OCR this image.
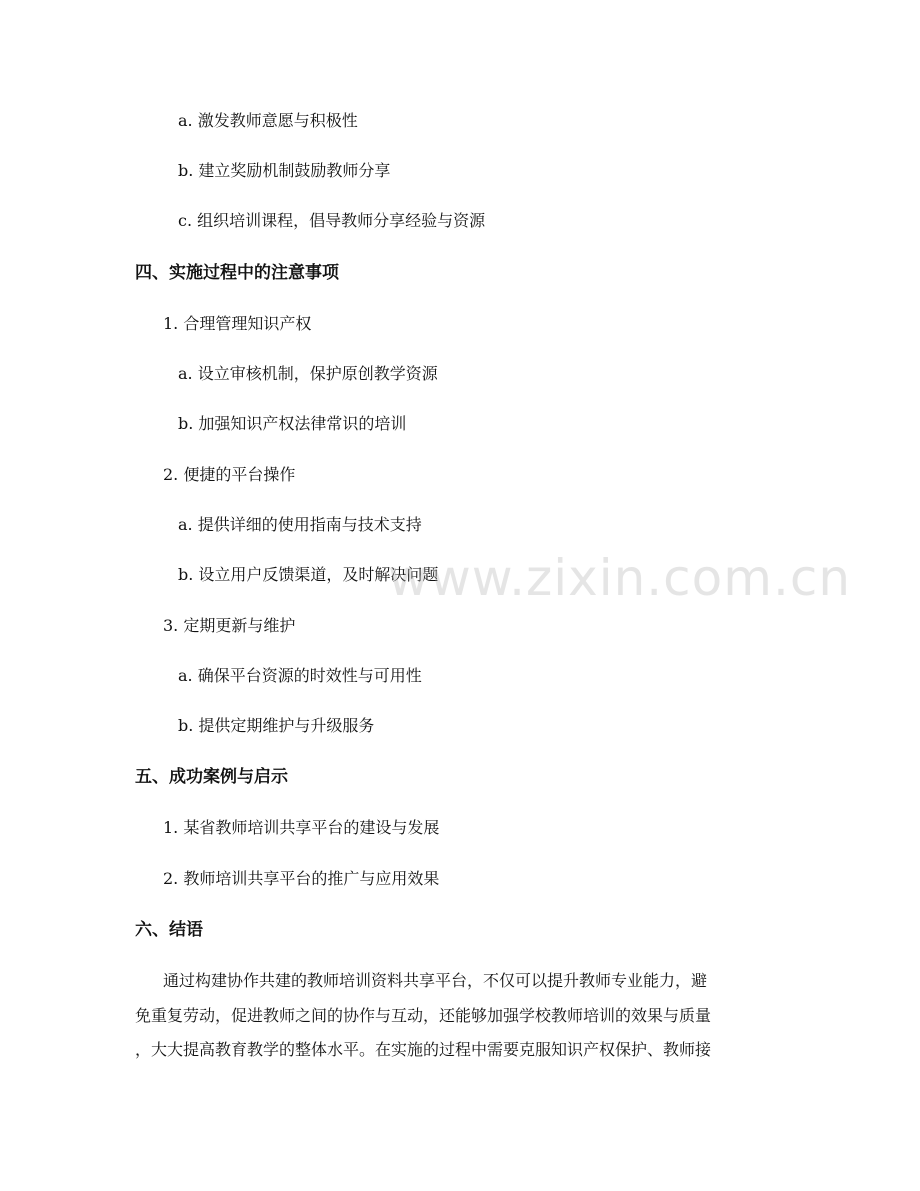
a. 激发教师意愿与积极性
b. 建立奖励机制鼓励教师分享
c. 组织培训课程，倡导教师分享经验与资源
四、实施过程中的注意事项
1. 合理管理知识产权
a. 设立审核机制，保护原创教学资源
b. 加强知识产权法律常识的培训
2. 便捷的平台操作
a. 提供详细的使用指南与技术支持
b. 设立用户反馈渠道，及时解决问题
3. 定期更新与维护
a. 确保平台资源的时效性与可用性
b. 提供定期维护与升级服务
五、成功案例与启示
1. 某省教师培训共享平台的建设与发展
2. 教师培训共享平台的推广与应用效果
六、结语
通过构建协作共建的教师培训资料共享平台，不仅可以提升教师专业能力，避
免重复劳动，促进教师之间的协作与互动，还能够加强学校教师培训的效果与质量
，大大提高教育教学的整体水平。在实施的过程中需要克服知识产权保护、教师接
www.zixin.com.cn
